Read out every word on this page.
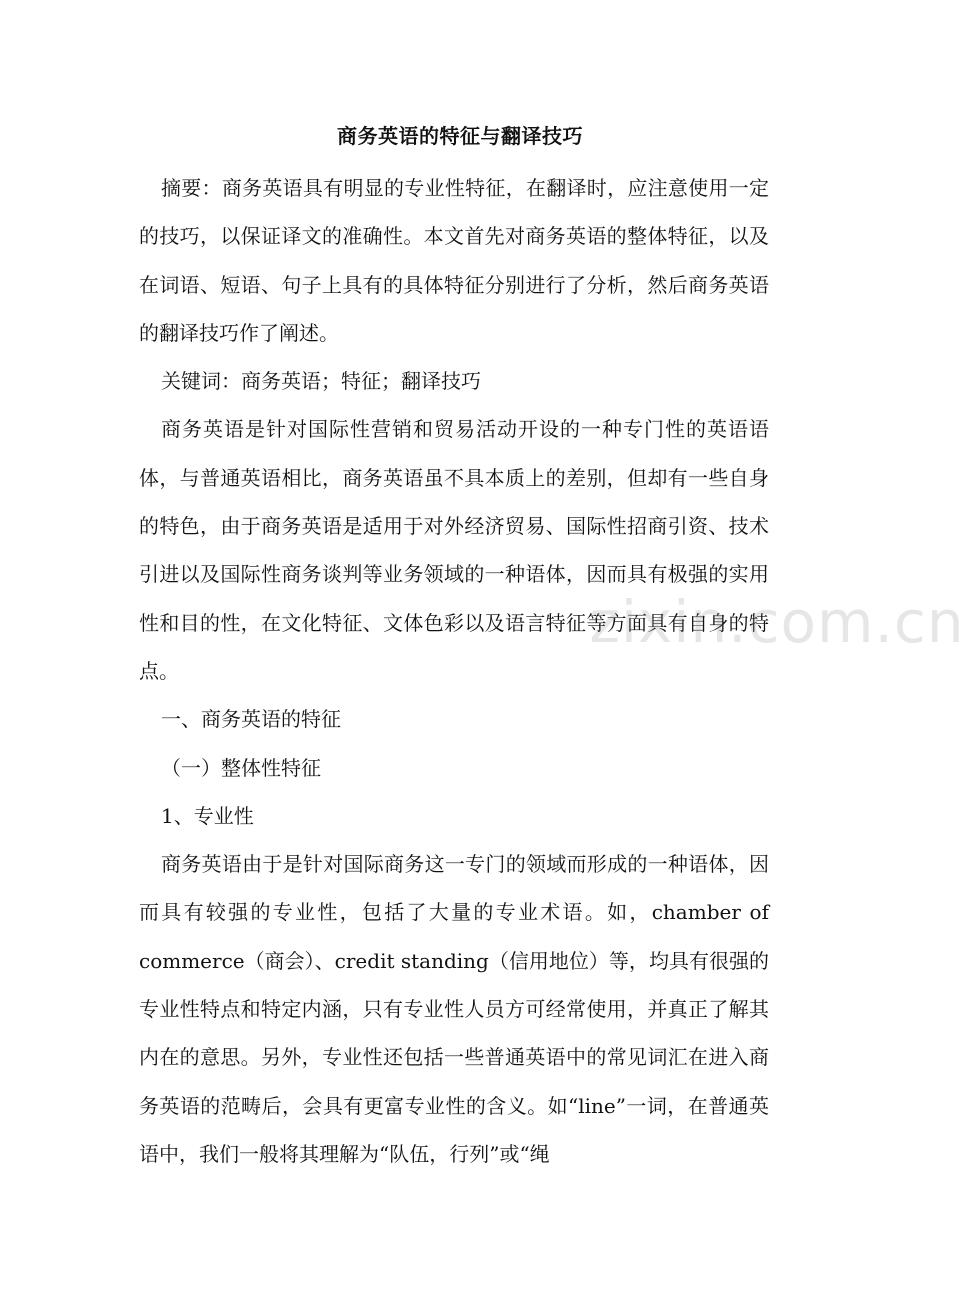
商务英语的特征与翻译技巧

摘要：商务英语具有明显的专业性特征，在翻译时，应注意使用一定的技巧，以保证译文的准确性。本文首先对商务英语的整体特征，以及在词语、短语、句子上具有的具体特征分别进行了分析，然后商务英语的翻译技巧作了阐述。

关键词：商务英语；特征；翻译技巧

商务英语是针对国际性营销和贸易活动开设的一种专门性的英语语体，与普通英语相比，商务英语虽不具本质上的差别，但却有一些自身的特色，由于商务英语是适用于对外经济贸易、国际性招商引资、技术引进以及国际性商务谈判等业务领域的一种语体，因而具有极强的实用性和目的性，在文化特征、文体色彩以及语言特征等方面具有自身的特点。

一、商务英语的特征

（一）整体性特征

1、专业性

商务英语由于是针对国际商务这一专门的领域而形成的一种语体，因而具有较强的专业性，包括了大量的专业术语。如，chamber of commerce（商会）、credit standing（信用地位）等，均具有很强的专业性特点和特定内涵，只有专业性人员方可经常使用，并真正了解其内在的意思。另外，专业性还包括一些普通英语中的常见词汇在进入商务英语的范畴后，会具有更富专业性的含义。如“line”一词，在普通英语中，我们一般将其理解为“队伍，行列”或“绳

zixin.com.cn
